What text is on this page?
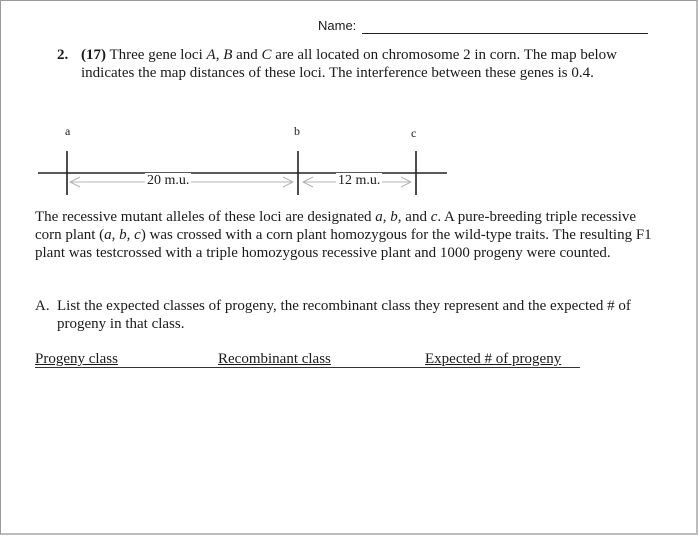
Name:
2. (17) Three gene loci A, B and C are all located on chromosome 2 in corn. The map below indicates the map distances of these loci. The interference between these genes is 0.4.
a	b	c
20 m.u.	12 m.u.
The recessive mutant alleles of these loci are designated a, b, and c. A pure-breeding triple recessive corn plant (a, b, c) was crossed with a corn plant homozygous for the wild-type traits. The resulting F1 plant was testcrossed with a triple homozygous recessive plant and 1000 progeny were counted.
A. List the expected classes of progeny, the recombinant class they represent and the expected # of progeny in that class.
Progeny class	Recombinant class	Expected # of progeny
